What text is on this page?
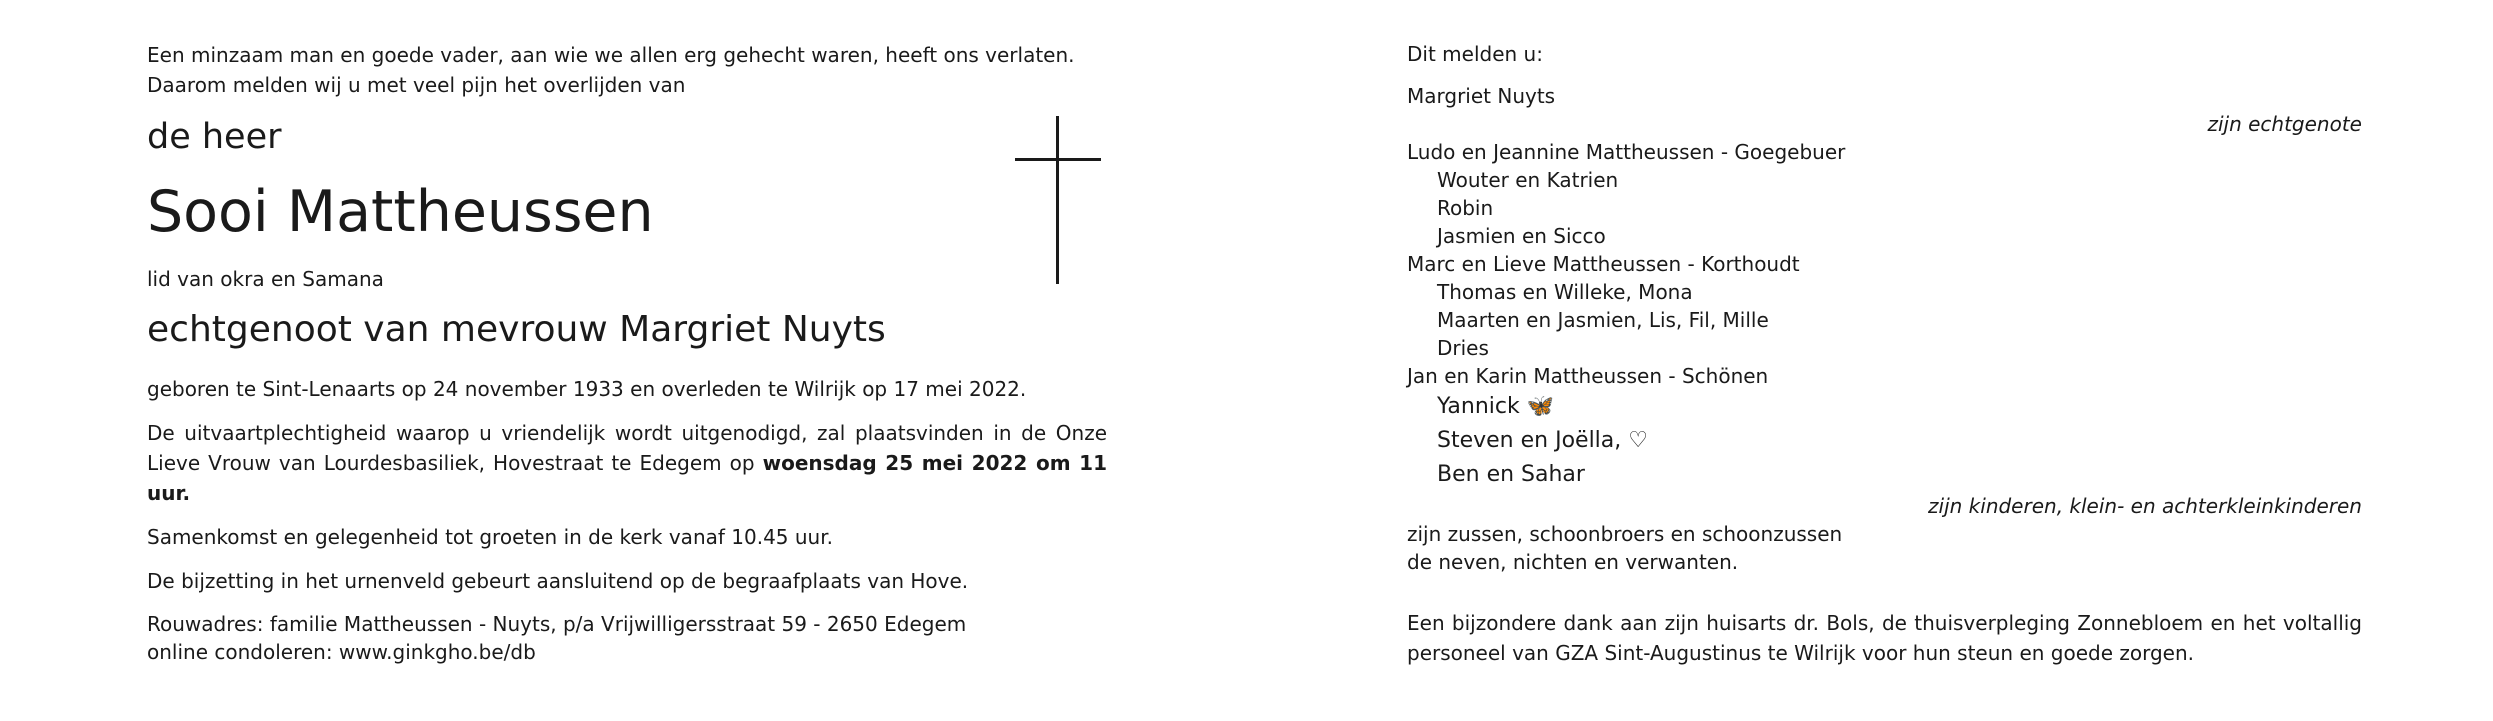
Een minzaam man en goede vader, aan wie we allen erg gehecht waren, heeft ons verlaten.

Daarom melden wij u met veel pijn het overlijden van

de heer
Sooi Mattheussen
lid van okra en Samana
echtgenoot van mevrouw Margriet Nuyts

geboren te Sint-Lenaarts op 24 november 1933 en overleden te Wilrijk op 17 mei 2022.

De uitvaartplechtigheid waarop u vriendelijk wordt uitgenodigd, zal plaatsvinden in de Onze Lieve Vrouw van Lourdesbasiliek, Hovestraat te Edegem op woensdag 25 mei 2022 om 11 uur.

Samenkomst en gelegenheid tot groeten in de kerk vanaf 10.45 uur.

De bijzetting in het urnenveld gebeurt aansluitend op de begraafplaats van Hove.

Rouwadres: familie Mattheussen - Nuyts, p/a Vrijwilligersstraat 59 - 2650 Edegem

online condoleren: www.ginkgho.be/db

Dit melden u:
Margriet Nuyts
zijn echtgenote
Ludo en Jeannine Mattheussen - Goegebuer
Wouter en Katrien
Robin
Jasmien en Sicco
Marc en Lieve Mattheussen - Korthoudt
Thomas en Willeke, Mona
Maarten en Jasmien, Lis, Fil, Mille
Dries
Jan en Karin Mattheussen - Schönen
Yannick 🦋
Steven en Joëlla, ♡
Ben en Sahar
zijn kinderen, klein- en achterkleinkinderen
zijn zussen, schoonbroers en schoonzussen
de neven, nichten en verwanten.

Een bijzondere dank aan zijn huisarts dr. Bols, de thuisverpleging Zonnebloem en het voltallig personeel van GZA Sint-Augustinus te Wilrijk voor hun steun en goede zorgen.
